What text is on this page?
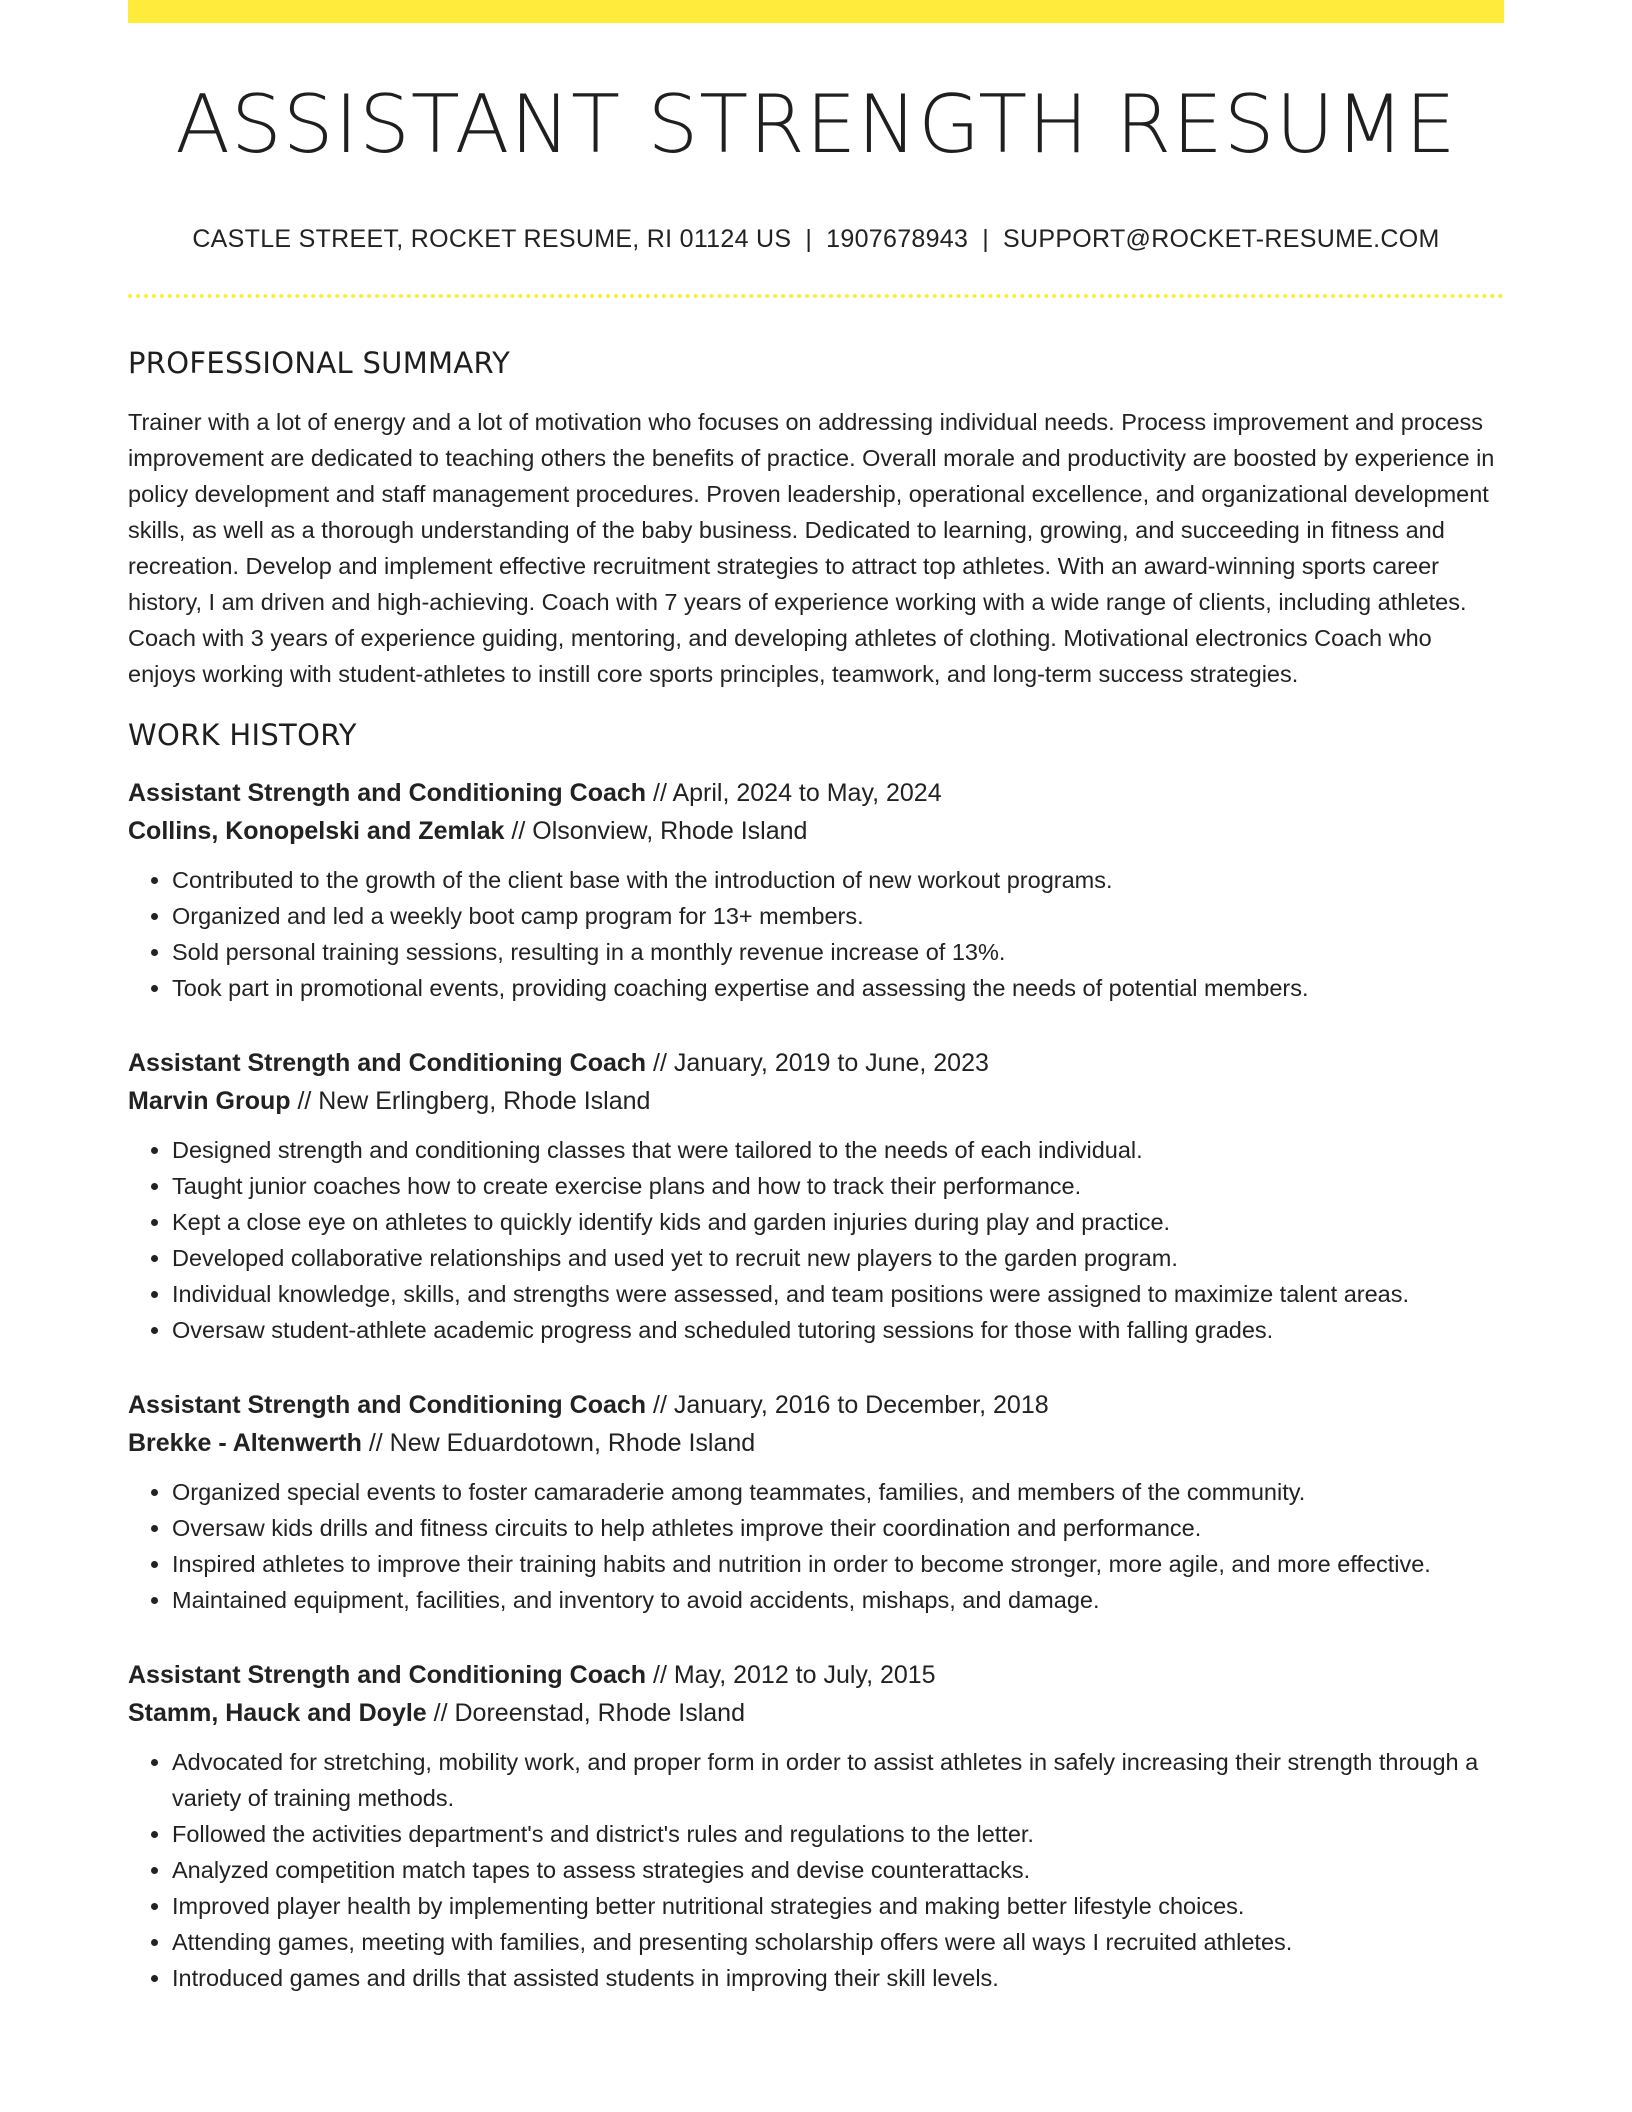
ASSISTANT STRENGTH RESUME
CASTLE STREET, ROCKET RESUME, RI 01124 US | 1907678943 | SUPPORT@ROCKET-RESUME.COM
PROFESSIONAL SUMMARY

Trainer with a lot of energy and a lot of motivation who focuses on addressing individual needs. Process improvement and process improvement are dedicated to teaching others the benefits of practice. Overall morale and productivity are boosted by experience in policy development and staff management procedures. Proven leadership, operational excellence, and organizational development skills, as well as a thorough understanding of the baby business. Dedicated to learning, growing, and succeeding in fitness and recreation. Develop and implement effective recruitment strategies to attract top athletes. With an award-winning sports career history, I am driven and high-achieving. Coach with 7 years of experience working with a wide range of clients, including athletes. Coach with 3 years of experience guiding, mentoring, and developing athletes of clothing. Motivational electronics Coach who enjoys working with student-athletes to instill core sports principles, teamwork, and long-term success strategies.

WORK HISTORY
Assistant Strength and Conditioning Coach // April, 2024 to May, 2024
Collins, Konopelski and Zemlak // Olsonview, Rhode Island
• Contributed to the growth of the client base with the introduction of new workout programs.
• Organized and led a weekly boot camp program for 13+ members.
• Sold personal training sessions, resulting in a monthly revenue increase of 13%.
• Took part in promotional events, providing coaching expertise and assessing the needs of potential members.
Assistant Strength and Conditioning Coach // January, 2019 to June, 2023
Marvin Group // New Erlingberg, Rhode Island
• Designed strength and conditioning classes that were tailored to the needs of each individual.
• Taught junior coaches how to create exercise plans and how to track their performance.
• Kept a close eye on athletes to quickly identify kids and garden injuries during play and practice.
• Developed collaborative relationships and used yet to recruit new players to the garden program.
• Individual knowledge, skills, and strengths were assessed, and team positions were assigned to maximize talent areas.
• Oversaw student-athlete academic progress and scheduled tutoring sessions for those with falling grades.
Assistant Strength and Conditioning Coach // January, 2016 to December, 2018
Brekke - Altenwerth // New Eduardotown, Rhode Island
• Organized special events to foster camaraderie among teammates, families, and members of the community.
• Oversaw kids drills and fitness circuits to help athletes improve their coordination and performance.
• Inspired athletes to improve their training habits and nutrition in order to become stronger, more agile, and more effective.
• Maintained equipment, facilities, and inventory to avoid accidents, mishaps, and damage.
Assistant Strength and Conditioning Coach // May, 2012 to July, 2015
Stamm, Hauck and Doyle // Doreenstad, Rhode Island
• Advocated for stretching, mobility work, and proper form in order to assist athletes in safely increasing their strength through a variety of training methods.
• Followed the activities department's and district's rules and regulations to the letter.
• Analyzed competition match tapes to assess strategies and devise counterattacks.
• Improved player health by implementing better nutritional strategies and making better lifestyle choices.
• Attending games, meeting with families, and presenting scholarship offers were all ways I recruited athletes.
• Introduced games and drills that assisted students in improving their skill levels.
